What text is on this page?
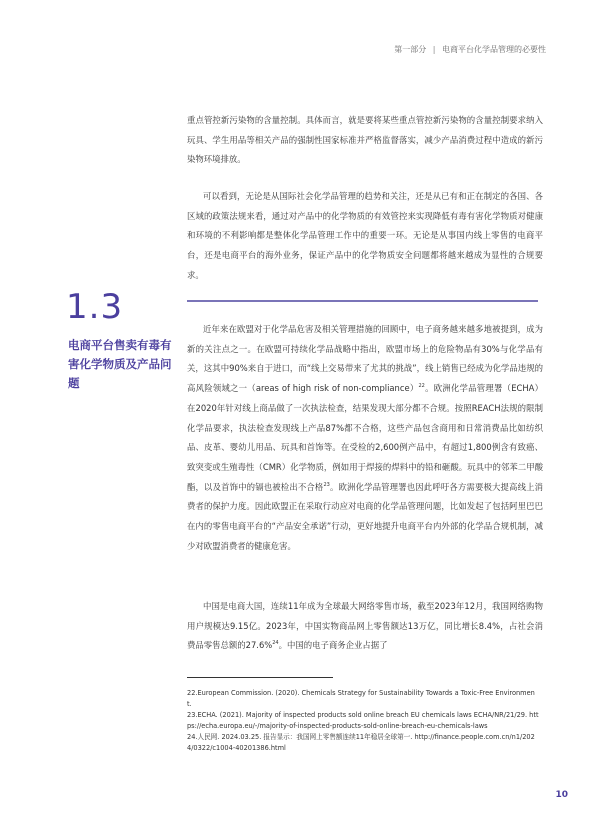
第一部分 | 电商平台化学品管理的必要性

重点管控新污染物的含量控制。具体而言，就是要将某些重点管控新污染物的含量控制要求纳入玩具、学生用品等相关产品的强制性国家标准并严格监督落实，减少产品消费过程中造成的新污染物环境排放。

可以看到，无论是从国际社会化学品管理的趋势和关注，还是从已有和正在制定的各国、各区域的政策法规来看，通过对产品中的化学物质的有效管控来实现降低有毒有害化学物质对健康和环境的不利影响都是整体化学品管理工作中的重要一环。无论是从事国内线上零售的电商平台，还是电商平台的海外业务，保证产品中的化学物质安全问题都将越来越成为显性的合规要求。

1.3
电商平台售卖有毒有害化学物质及产品问题

近年来在欧盟对于化学品危害及相关管理措施的回顾中，电子商务越来越多地被提到，成为新的关注点之一。在欧盟可持续化学品战略中指出，欧盟市场上的危险物品有30%与化学品有关，这其中90%来自于进口，而“线上交易带来了尤其的挑战”，线上销售已经成为化学品违规的高风险领域之一（areas of high risk of non-compliance）$^{22}$。欧洲化学品管理署（ECHA）在2020年针对线上商品做了一次执法检查，结果发现大部分都不合规。按照REACH法规的限制化学品要求，执法检查发现线上产品87%都不合格，这些产品包含商用和日常消费品比如纺织品、皮革、婴幼儿用品、玩具和首饰等。在受检的2,600例产品中，有超过1,800例含有致癌、致突变或生殖毒性（CMR）化学物质，例如用于焊接的焊料中的铅和砸酸。玩具中的邻苯二甲酸酯，以及首饰中的镉也被检出不合格$^{23}$。欧洲化学品管理署也因此呼吁各方需要极大提高线上消费者的保护力度。因此欧盟正在采取行动应对电商的化学品管理问题，比如发起了包括阿里巴巴在内的零售电商平台的“产品安全承诺”行动，更好地提升电商平台内外部的化学品合规机制，减少对欧盟消费者的健康危害。

中国是电商大国，连续11年成为全球最大网络零售市场，截至2023年12月，我国网络购物用户规模达9.15亿。2023年，中国实物商品网上零售额达13万亿，同比增长8.4%，占社会消费品零售总额的27.6%$^{24}$。中国的电子商务企业占据了

22.European Commission. (2020). Chemicals Strategy for Sustainability Towards a Toxic-Free Environment.

23.ECHA. (2021). Majority of inspected products sold online breach EU chemicals laws ECHA/NR/21/29. https://echa.europa.eu/-/majority-of-inspected-products-sold-online-breach-eu-chemicals-laws

24.人民网. 2024.03.25. 报告显示：我国网上零售额连续11年稳居全球第一. http://finance.people.com.cn/n1/2024/0322/c1004-40201386.html

10
